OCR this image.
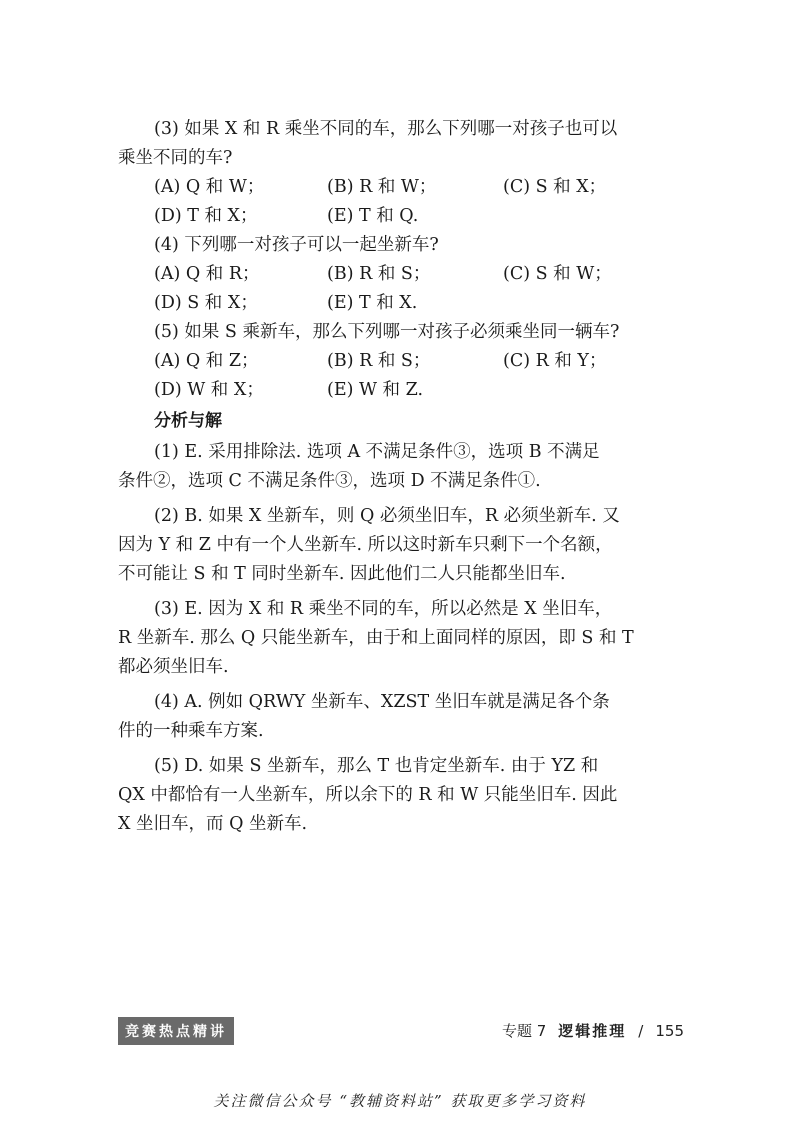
(3) 如果 X 和 R 乘坐不同的车，那么下列哪一对孩子也可以
乘坐不同的车?
(A) Q 和 W；	(B) R 和 W；	(C) S 和 X；
(D) T 和 X；	(E) T 和 Q.
(4) 下列哪一对孩子可以一起坐新车?
(A) Q 和 R；	(B) R 和 S；	(C) S 和 W；
(D) S 和 X；	(E) T 和 X.
(5) 如果 S 乘新车，那么下列哪一对孩子必须乘坐同一辆车?
(A) Q 和 Z；	(B) R 和 S；	(C) R 和 Y；
(D) W 和 X；	(E) W 和 Z.
分析与解
(1) E. 采用排除法. 选项 A 不满足条件③，选项 B 不满足
条件②，选项 C 不满足条件③，选项 D 不满足条件①.
(2) B. 如果 X 坐新车，则 Q 必须坐旧车，R 必须坐新车. 又
因为 Y 和 Z 中有一个人坐新车. 所以这时新车只剩下一个名额，
不可能让 S 和 T 同时坐新车. 因此他们二人只能都坐旧车.
(3) E. 因为 X 和 R 乘坐不同的车，所以必然是 X 坐旧车，
R 坐新车. 那么 Q 只能坐新车，由于和上面同样的原因，即 S 和 T
都必须坐旧车.
(4) A. 例如 QRWY 坐新车、XZST 坐旧车就是满足各个条
件的一种乘车方案.
(5) D. 如果 S 坐新车，那么 T 也肯定坐新车. 由于 YZ 和
QX 中都恰有一人坐新车，所以余下的 R 和 W 只能坐旧车. 因此
X 坐旧车，而 Q 坐新车.
竞赛热点精讲	专题 7 逻辑推理 / 155
关注微信公众号 “教辅资料站” 获取更多学习资料
